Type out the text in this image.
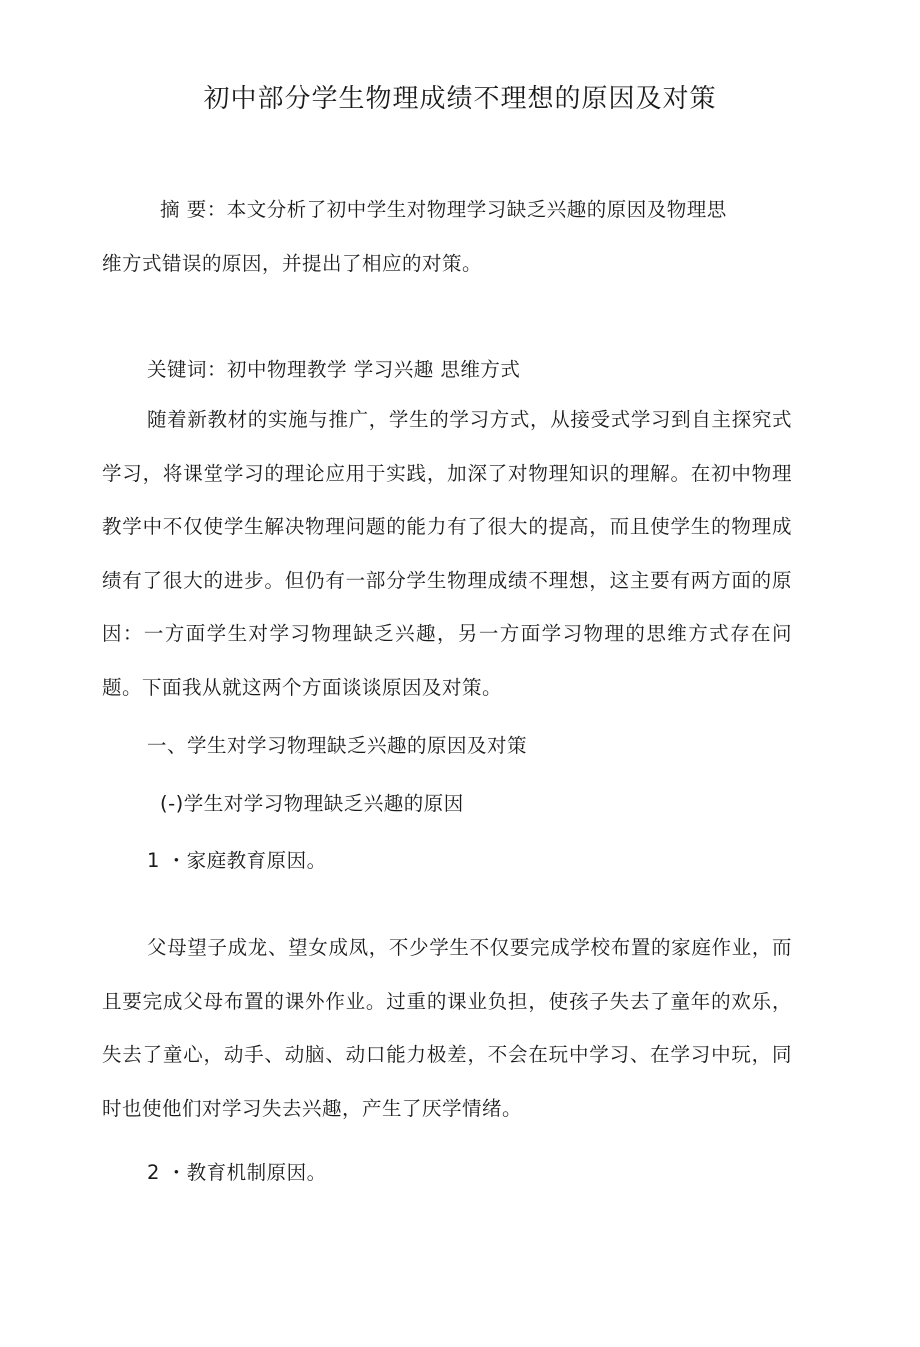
初中部分学生物理成绩不理想的原因及对策
摘 要：本文分析了初中学生对物理学习缺乏兴趣的原因及物理思
维方式错误的原因，并提出了相应的对策。
关键词：初中物理教学 学习兴趣 思维方式
随着新教材的实施与推广，学生的学习方式，从接受式学习到自主探究式学习，将课堂学习的理论应用于实践，加深了对物理知识的理解。在初中物理教学中不仅使学生解决物理问题的能力有了很大的提高，而且使学生的物理成绩有了很大的进步。但仍有一部分学生物理成绩不理想，这主要有两方面的原因：一方面学生对学习物理缺乏兴趣，另一方面学习物理的思维方式存在问题。下面我从就这两个方面谈谈原因及对策。
一、学生对学习物理缺乏兴趣的原因及对策
(-)学生对学习物理缺乏兴趣的原因
1 ・家庭教育原因。
父母望子成龙、望女成凤，不少学生不仅要完成学校布置的家庭作业，而且要完成父母布置的课外作业。过重的课业负担，使孩子失去了童年的欢乐，失去了童心，动手、动脑、动口能力极差，不会在玩中学习、在学习中玩，同时也使他们对学习失去兴趣，产生了厌学情绪。
2 ・教育机制原因。
